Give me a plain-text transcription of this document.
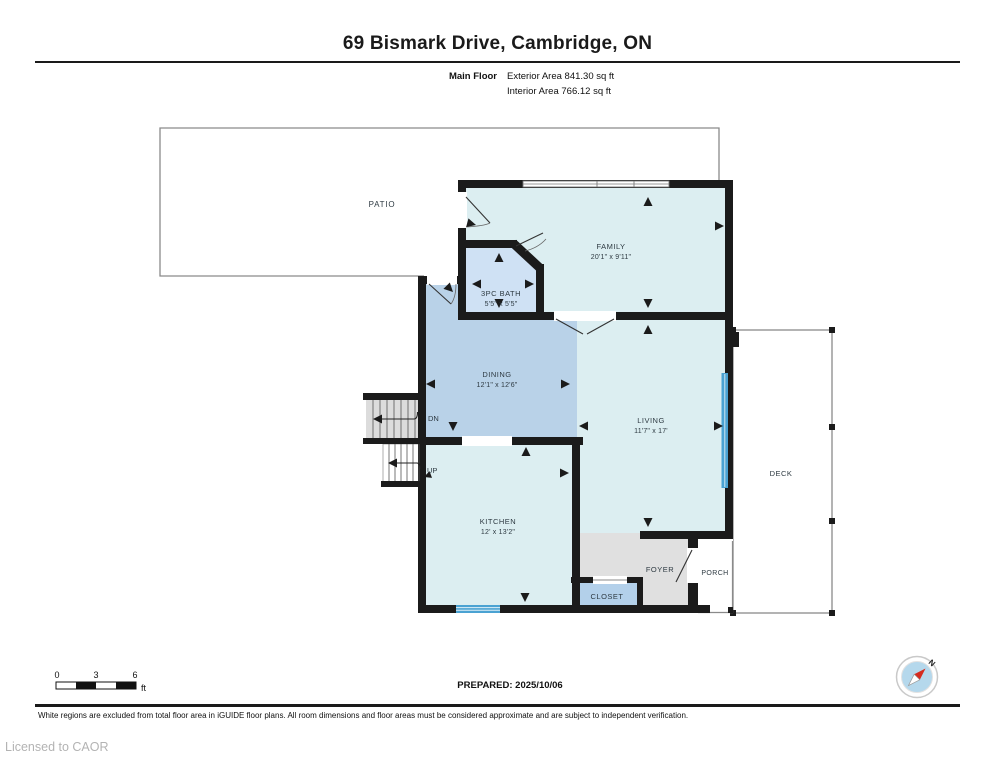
69 Bismark Drive, Cambridge, ON
Main Floor Exterior Area 841.30 sq ft
Interior Area 766.12 sq ft
PATIO
FAMILY
20'1" x 9'11"
3PC BATH
5'5" x 5'5"
DINING
12'1" x 12'6"
LIVING
11'7" x 17'
KITCHEN
12' x 13'2"
FOYER
CLOSET
PORCH
DECK
DN
UP
0	3	6
ft
N
PREPARED: 2025/10/06
White regions are excluded from total floor area in iGUIDE floor plans. All room dimensions and floor areas must be considered approximate and are subject to independent verification.
Licensed to CAOR
